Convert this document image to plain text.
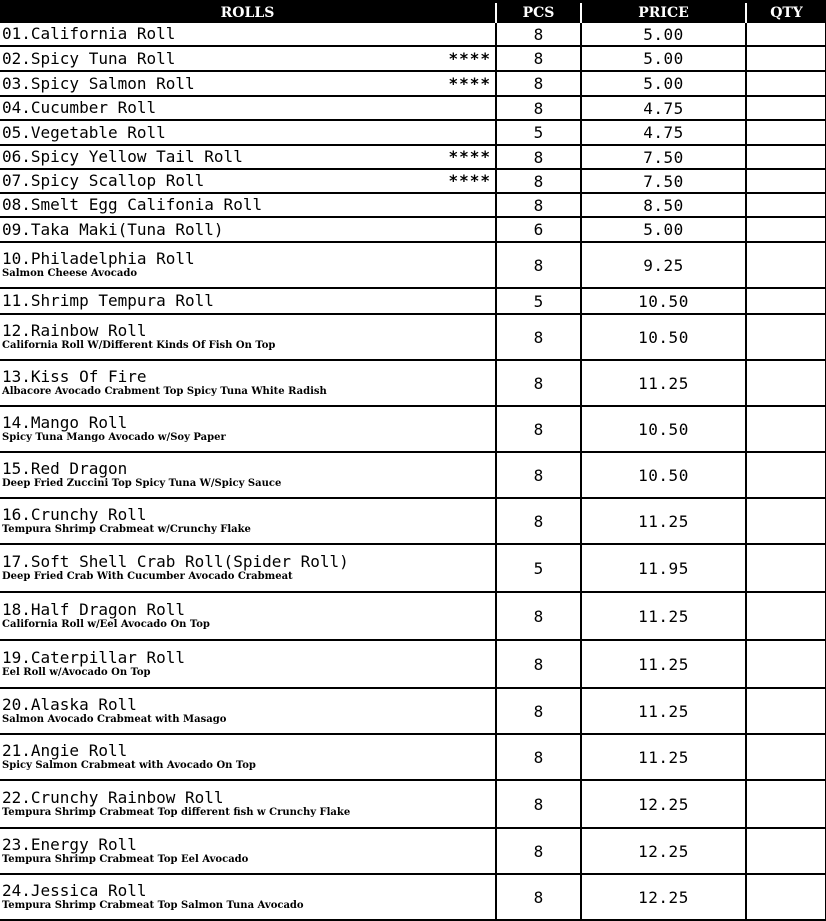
ROLLS	PCS	PRICE	QTY

01.California Roll	8	5.00	

02.Spicy Tuna Roll ****	8	5.00	

03.Spicy Salmon Roll ****	8	5.00	

04.Cucumber Roll	8	4.75	

05.Vegetable Roll	5	4.75	

06.Spicy Yellow Tail Roll ****	8	7.50	

07.Spicy Scallop Roll ****	8	7.50	

08.Smelt Egg Califonia Roll	8	8.50	

09.Taka Maki(Tuna Roll)	6	5.00	

10.Philadelphia Roll
Salmon Cheese Avocado	8	9.25	

11.Shrimp Tempura Roll	5	10.50	

12.Rainbow Roll
California Roll W/Different Kinds Of Fish On Top	8	10.50	

13.Kiss Of Fire
Albacore Avocado Crabment Top Spicy Tuna White Radish	8	11.25	

14.Mango Roll
Spicy Tuna Mango Avocado w/Soy Paper	8	10.50	

15.Red Dragon
Deep Fried Zuccini Top Spicy Tuna W/Spicy Sauce	8	10.50	

16.Crunchy Roll
Tempura Shrimp Crabmeat w/Crunchy Flake	8	11.25	

17.Soft Shell Crab Roll(Spider Roll)
Deep Fried Crab With Cucumber Avocado Crabmeat	5	11.95	

18.Half Dragon Roll
California Roll w/Eel Avocado On Top	8	11.25	

19.Caterpillar Roll
Eel Roll w/Avocado On Top	8	11.25	

20.Alaska Roll
Salmon Avocado Crabmeat with Masago	8	11.25	

21.Angie Roll
Spicy Salmon Crabmeat with Avocado On Top	8	11.25	

22.Crunchy Rainbow Roll
Tempura Shrimp Crabmeat Top different fish w Crunchy Flake	8	12.25	

23.Energy Roll
Tempura Shrimp Crabmeat Top Eel Avocado	8	12.25	

24.Jessica Roll
Tempura Shrimp Crabmeat Top Salmon Tuna Avocado	8	12.25	
